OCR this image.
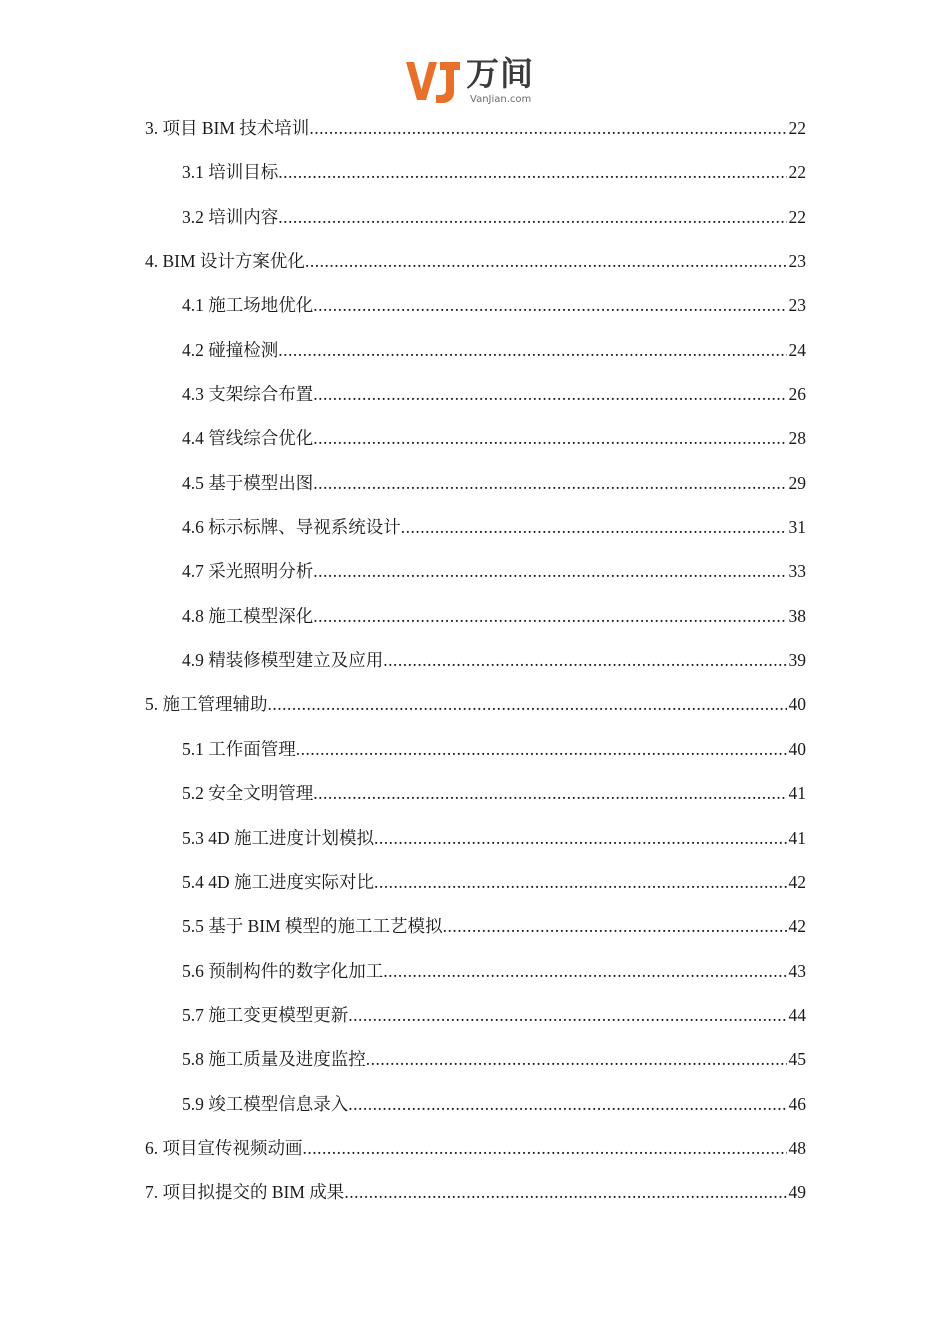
万间
VanJian.com
3. 项目 BIM 技术培训 .....	22
3.1 培训目标 .....	22
3.2 培训内容 .....	22
4. BIM 设计方案优化 .....	23
4.1 施工场地优化 .....	23
4.2 碰撞检测 .....	24
4.3 支架综合布置 .....	26
4.4 管线综合优化 .....	28
4.5 基于模型出图 .....	29
4.6 标示标牌、导视系统设计 .....	31
4.7 采光照明分析 .....	33
4.8 施工模型深化 .....	38
4.9 精装修模型建立及应用 .....	39
5. 施工管理辅助 .....	40
5.1 工作面管理 .....	40
5.2 安全文明管理 .....	41
5.3 4D 施工进度计划模拟 .....	41
5.4 4D 施工进度实际对比 .....	42
5.5 基于 BIM 模型的施工工艺模拟 .....	42
5.6 预制构件的数字化加工 .....	43
5.7 施工变更模型更新 .....	44
5.8 施工质量及进度监控 .....	45
5.9 竣工模型信息录入 .....	46
6. 项目宣传视频动画 .....	48
7. 项目拟提交的 BIM 成果 .....	49
